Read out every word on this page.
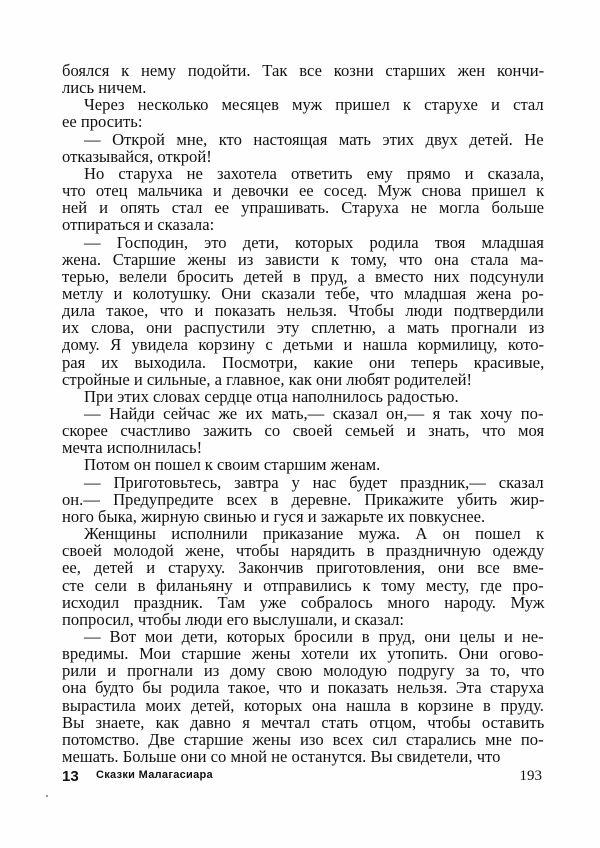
боялся к нему подойти. Так все козни старших жен кончи-
лись ничем.
Через несколько месяцев муж пришел к старухе и стал
ее просить:
— Открой мне, кто настоящая мать этих двух детей. Не
отказывайся, открой!
Но старуха не захотела ответить ему прямо и сказала,
что отец мальчика и девочки ее сосед. Муж снова пришел к
ней и опять стал ее упрашивать. Старуха не могла больше
отпираться и сказала:
— Господин, это дети, которых родила твоя младшая
жена. Старшие жены из зависти к тому, что она стала ма-
терью, велели бросить детей в пруд, а вместо них подсунули
метлу и колотушку. Они сказали тебе, что младшая жена ро-
дила такое, что и показать нельзя. Чтобы люди подтвердили
их слова, они распустили эту сплетню, а мать прогнали из
дому. Я увидела корзину с детьми и нашла кормилицу, кото-
рая их выходила. Посмотри, какие они теперь красивые,
стройные и сильные, а главное, как они любят родителей!
При этих словах сердце отца наполнилось радостью.
— Найди сейчас же их мать,— сказал он,— я так хочу по-
скорее счастливо зажить со своей семьей и знать, что моя
мечта исполнилась!
Потом он пошел к своим старшим женам.
— Приготовьтесь, завтра у нас будет праздник,— сказал
он.— Предупредите всех в деревне. Прикажите убить жир-
ного быка, жирную свинью и гуся и зажарьте их повкуснее.
Женщины исполнили приказание мужа. А он пошел к
своей молодой жене, чтобы нарядить в праздничную одежду
ее, детей и старуху. Закончив приготовления, они все вме-
сте сели в филаньяну и отправились к тому месту, где про-
исходил праздник. Там уже собралось много народу. Муж
попросил, чтобы люди его выслушали, и сказал:
— Вот мои дети, которых бросили в пруд, они целы и не-
вредимы. Мои старшие жены хотели их утопить. Они огово-
рили и прогнали из дому свою молодую подругу за то, что
она будто бы родила такое, что и показать нельзя. Эта старуха
вырастила моих детей, которых она нашла в корзине в пруду.
Вы знаете, как давно я мечтал стать отцом, чтобы оставить
потомство. Две старшие жены изо всех сил старались мне по-
мешать. Больше они со мной не останутся. Вы свидетели, что
13 Сказки Малагасиара	193
